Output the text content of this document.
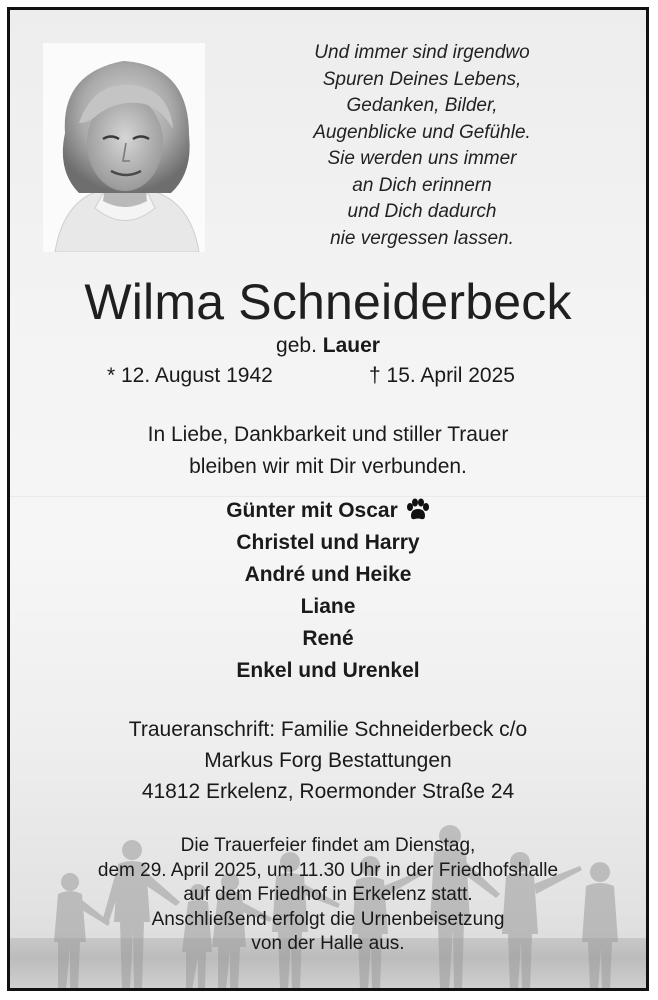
Und immer sind irgendwo
Spuren Deines Lebens,
Gedanken, Bilder,
Augenblicke und Gefühle.
Sie werden uns immer
an Dich erinnern
und Dich dadurch
nie vergessen lassen.
Wilma Schneiderbeck
geb. Lauer
* 12. August 1942	† 15. April 2025
In Liebe, Dankbarkeit und stiller Trauer
bleiben wir mit Dir verbunden.
Günter mit Oscar
Christel und Harry
André und Heike
Liane
René
Enkel und Urenkel
Traueranschrift: Familie Schneiderbeck c/o
Markus Forg Bestattungen
41812 Erkelenz, Roermonder Straße 24
Die Trauerfeier findet am Dienstag,
dem 29. April 2025, um 11.30 Uhr in der Friedhofshalle
auf dem Friedhof in Erkelenz statt.
Anschließend erfolgt die Urnenbeisetzung
von der Halle aus.
